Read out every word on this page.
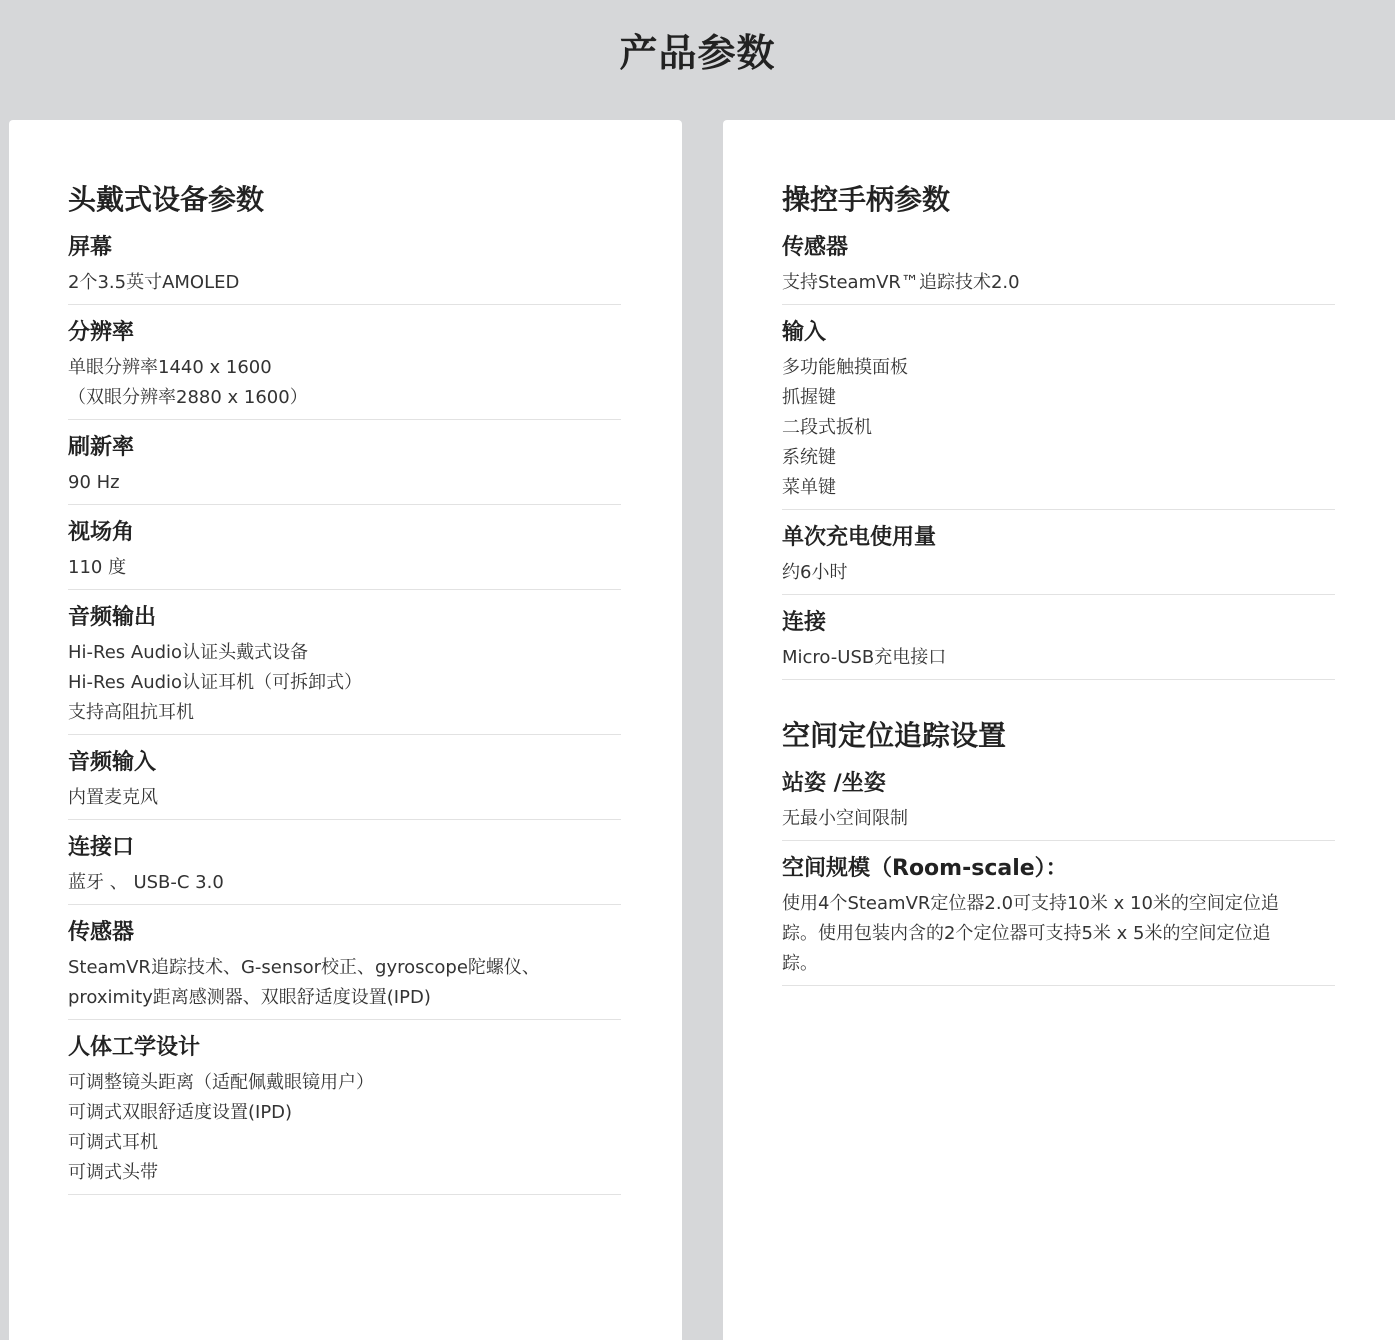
产品参数
头戴式设备参数
屏幕
2个3.5英寸AMOLED
分辨率
单眼分辨率1440 x 1600
（双眼分辨率2880 x 1600）
刷新率
90 Hz
视场角
110 度
音频输出
Hi-Res Audio认证头戴式设备
Hi-Res Audio认证耳机（可拆卸式）
支持高阻抗耳机
音频输入
内置麦克风
连接口
蓝牙 、 USB-C 3.0
传感器
SteamVR追踪技术、G-sensor校正、gyroscope陀螺仪、
proximity距离感测器、双眼舒适度设置(IPD)
人体工学设计
可调整镜头距离（适配佩戴眼镜用户）
可调式双眼舒适度设置(IPD)
可调式耳机
可调式头带
操控手柄参数
传感器
支持SteamVR™追踪技术2.0
输入
多功能触摸面板
抓握键
二段式扳机
系统键
菜单键
单次充电使用量
约6小时
连接
Micro-USB充电接口
空间定位追踪设置
站姿 /坐姿
无最小空间限制
空间规模（Room-scale）：
使用4个SteamVR定位器2.0可支持10米 x 10米的空间定位追
踪。使用包装内含的2个定位器可支持5米 x 5米的空间定位追
踪。
